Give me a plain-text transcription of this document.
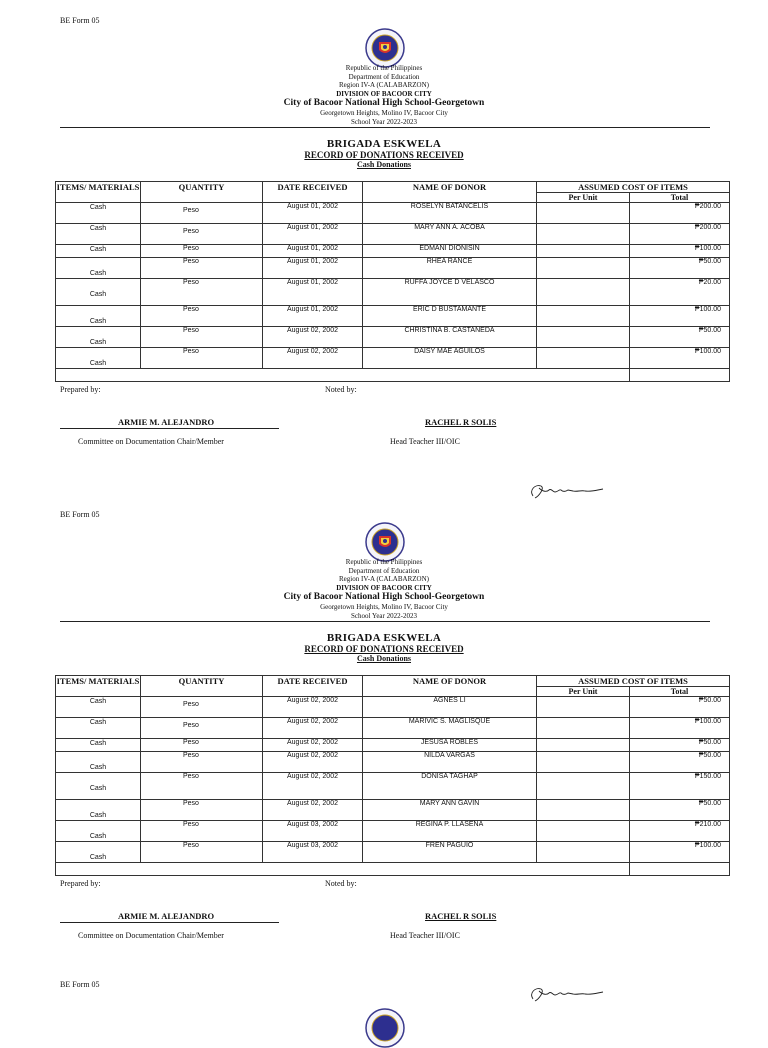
BE Form 05
Republic of the Philippines
Department of Education
Region IV-A (CALABARZON)
DIVISION OF BACOOR CITY
City of Bacoor National High School-Georgetown
Georgetown Heights, Molino IV, Bacoor City
School Year 2022-2023
BRIGADA ESKWELA
RECORD OF DONATIONS RECEIVED
Cash Donations
ITEMS/ MATERIALS	QUANTITY	DATE RECEIVED	NAME OF DONOR	ASSUMED COST OF ITEMS	
				Per Unit	Total

Cash	Peso	August 01, 2002	ROSELYN BATANCELIS		₱200.00

Cash	Peso	August 01, 2002	MARY ANN A. ACOBA		₱200.00

Cash	Peso	August 01, 2002	EDMANI DIONISIN		₱100.00

Cash	Peso	August 01, 2002	RHEA RANCE		₱50.00

Cash	Peso	August 01, 2002	RUFFA JOYCE D VELASCO		₱20.00

Cash	Peso	August 01, 2002	ERIC D BUSTAMANTE		₱100.00

Cash	Peso	August 02, 2002	CHRISTINA B. CASTANEDA		₱50.00

Cash	Peso	August 02, 2002	DAISY MAE AGUILOS		₱100.00

Prepared by:	Noted by:
ARMIE M. ALEJANDRO	RACHEL R SOLIS
Committee on Documentation Chair/Member	Head Teacher III/OIC
BE Form 05
Republic of the Philippines
Department of Education
Region IV-A (CALABARZON)
DIVISION OF BACOOR CITY
City of Bacoor National High School-Georgetown
Georgetown Heights, Molino IV, Bacoor City
School Year 2022-2023
BRIGADA ESKWELA
RECORD OF DONATIONS RECEIVED
Cash Donations
ITEMS/ MATERIALS	QUANTITY	DATE RECEIVED	NAME OF DONOR	ASSUMED COST OF ITEMS	
				Per Unit	Total

Cash	Peso	August 02, 2002	AGNES LI		₱50.00

Cash	Peso	August 02, 2002	MARIVIC S. MAGLISQUE		₱100.00

Cash	Peso	August 02, 2002	JESUSA ROBLES		₱50.00

Cash	Peso	August 02, 2002	NILDA VARGAS		₱50.00

Cash	Peso	August 02, 2002	DONISA TAGHAP		₱150.00

Cash	Peso	August 02, 2002	MARY ANN GAVIN		₱50.00

Cash	Peso	August 03, 2002	REGINA P. LLASENA		₱210.00

Cash	Peso	August 03, 2002	FREN PAGUIO		₱100.00

Prepared by:	Noted by:
ARMIE M. ALEJANDRO	RACHEL R SOLIS
Committee on Documentation Chair/Member	Head Teacher III/OIC
BE Form 05
